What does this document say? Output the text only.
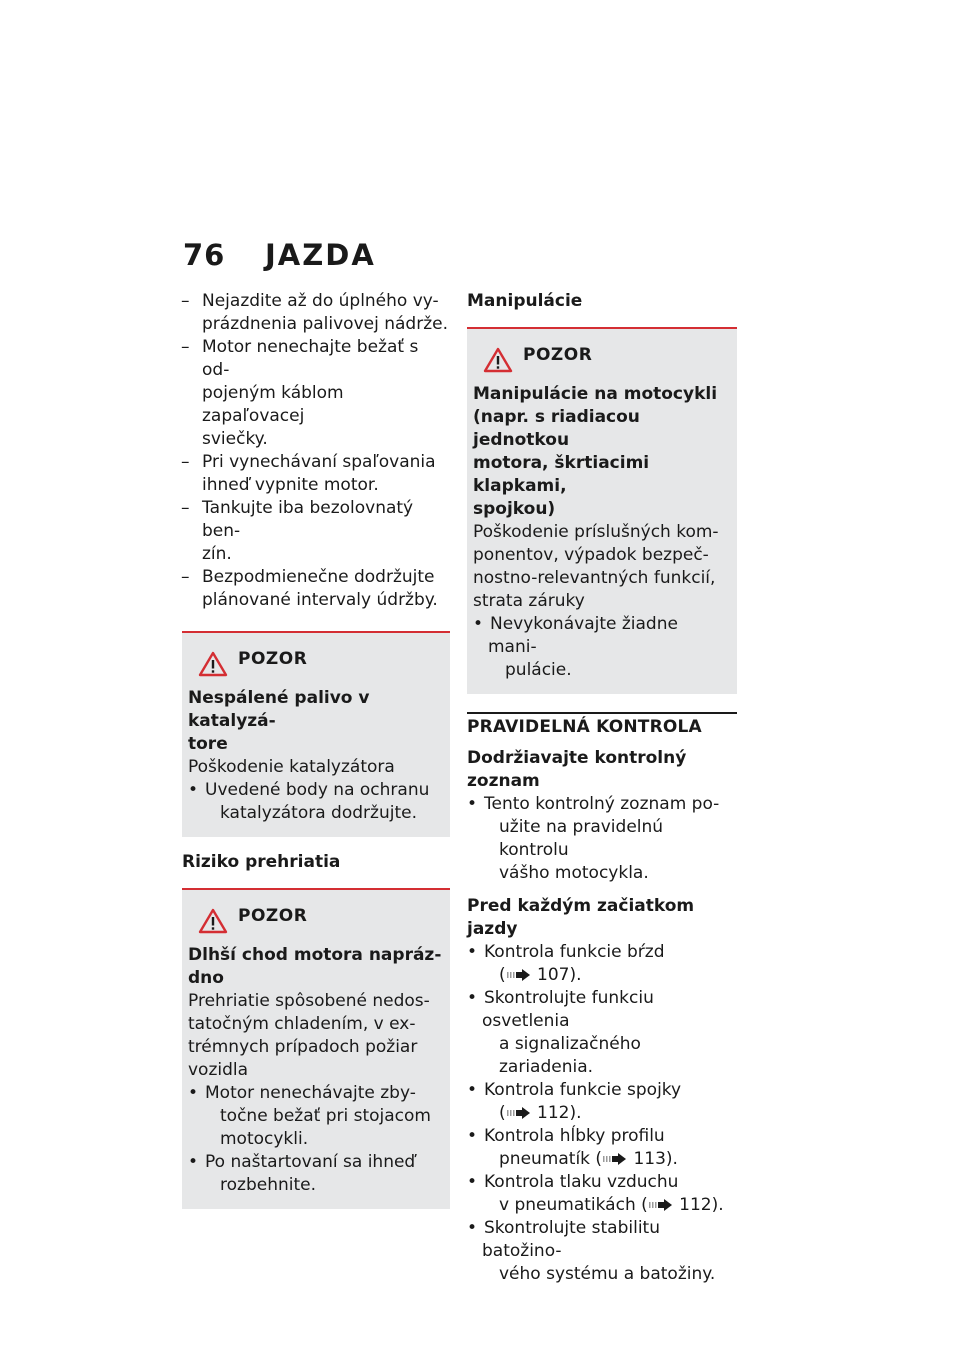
76 JAZDA
– Nejazdite až do úplného vy-
prázdnenia palivovej nádrže.
– Motor nenechajte bežať s od-
pojeným káblom zapaľovacej
sviečky.
– Pri vynechávaní spaľovania
ihneď vypnite motor.
– Tankujte iba bezolovnatý ben-
zín.
– Bezpodmienečne dodržujte
plánované intervaly údržby.
POZOR
Nespálené palivo v katalyzá-
tore
Poškodenie katalyzátora
• Uvedené body na ochranu
katalyzátora dodržujte.
Riziko prehriatia
POZOR
Dlhší chod motora napráz-
dno
Prehriatie spôsobené nedos-
tatočným chladením, v ex-
trémnych prípadoch požiar
vozidla
• Motor nenechávajte zby-
točne bežať pri stojacom
motocykli.
• Po naštartovaní sa ihneď
rozbehnite.
Manipulácie
POZOR
Manipulácie na motocykli
(napr. s riadiacou jednotkou
motora, škrtiacimi klapkami,
spojkou)
Poškodenie príslušných kom-
ponentov, výpadok bezpeč-
nostno-relevantných funkcií,
strata záruky
• Nevykonávajte žiadne mani-
pulácie.
PRAVIDELNÁ KONTROLA
Dodržiavajte kontrolný
zoznam
• Tento kontrolný zoznam po-
užite na pravidelnú kontrolu
vášho motocykla.
Pred každým začiatkom jazdy
• Kontrola funkcie bŕzd
( 107).
• Skontrolujte funkciu osvetlenia
a signalizačného zariadenia.
• Kontrola funkcie spojky
( 112).
• Kontrola hĺbky profilu
pneumatík ( 113).
• Kontrola tlaku vzduchu
v pneumatikách ( 112).
• Skontrolujte stabilitu batožino-
vého systému a batožiny.
